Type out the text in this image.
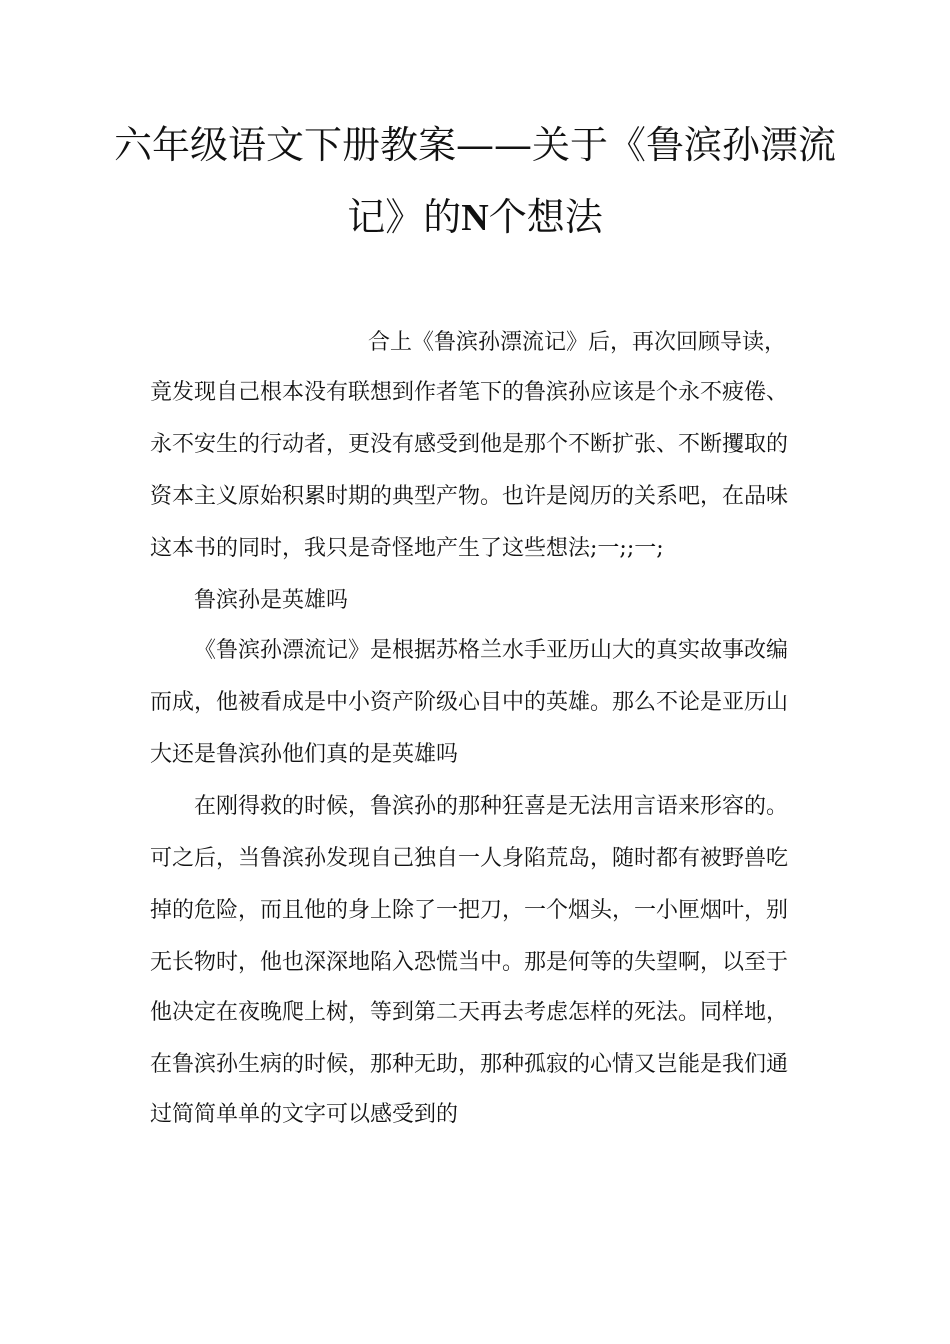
六年级语文下册教案——关于《鲁滨孙漂流
记》的N个想法
合上《鲁滨孙漂流记》后，再次回顾导读，
竟发现自己根本没有联想到作者笔下的鲁滨孙应该是个永不疲倦、
永不安生的行动者，更没有感受到他是那个不断扩张、不断攫取的
资本主义原始积累时期的典型产物。也许是阅历的关系吧，在品味
这本书的同时，我只是奇怪地产生了这些想法;一;;一;
鲁滨孙是英雄吗
《鲁滨孙漂流记》是根据苏格兰水手亚历山大的真实故事改编
而成，他被看成是中小资产阶级心目中的英雄。那么不论是亚历山
大还是鲁滨孙他们真的是英雄吗
在刚得救的时候，鲁滨孙的那种狂喜是无法用言语来形容的。
可之后，当鲁滨孙发现自己独自一人身陷荒岛，随时都有被野兽吃
掉的危险，而且他的身上除了一把刀，一个烟头，一小匣烟叶，别
无长物时，他也深深地陷入恐慌当中。那是何等的失望啊，以至于
他决定在夜晚爬上树，等到第二天再去考虑怎样的死法。同样地，
在鲁滨孙生病的时候，那种无助，那种孤寂的心情又岂能是我们通
过简简单单的文字可以感受到的
